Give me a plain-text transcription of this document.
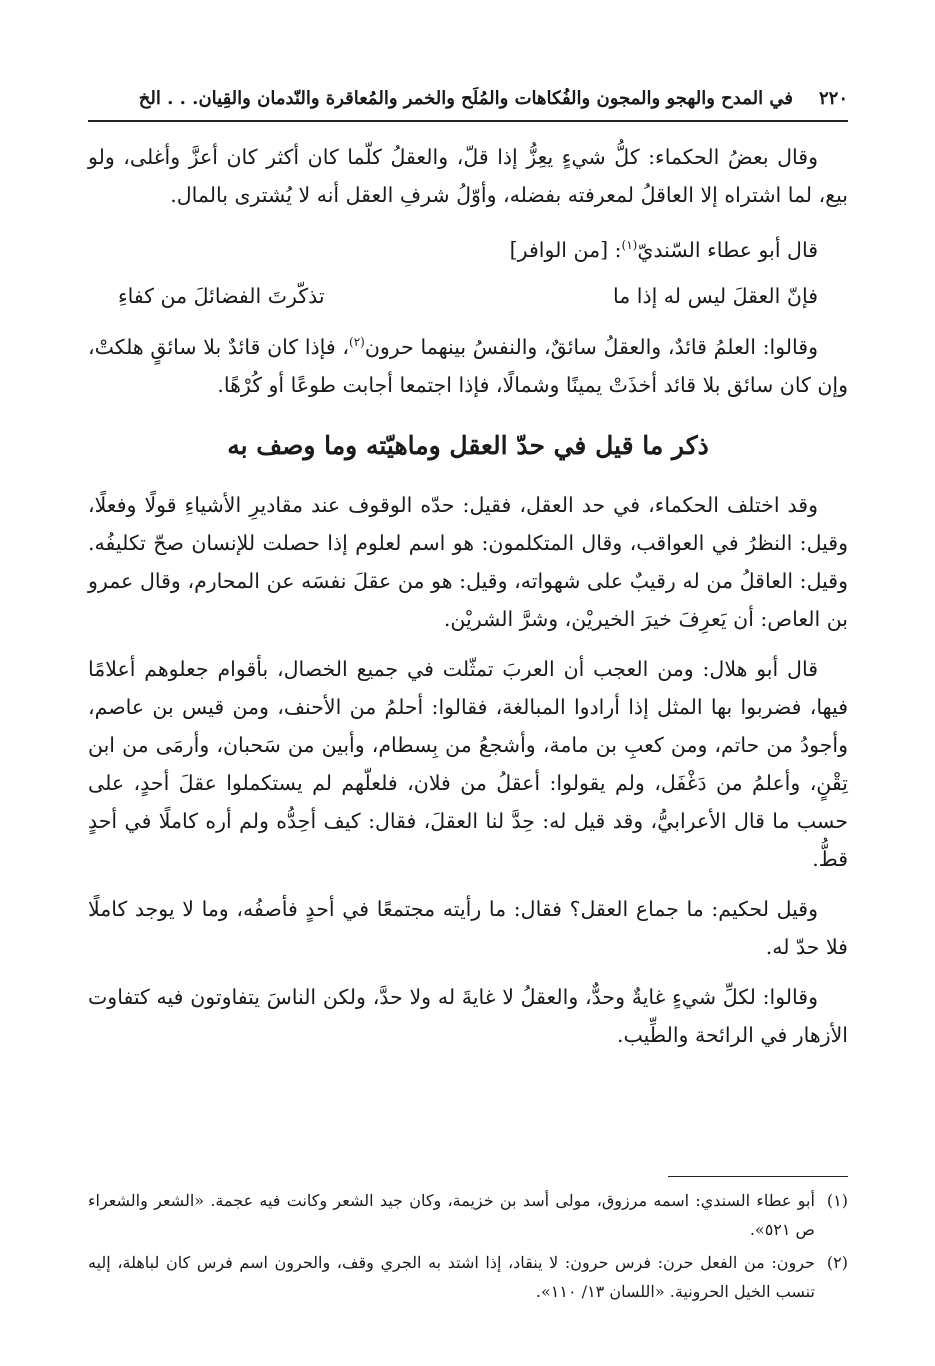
٢٢٠
في المدح والهجو والمجون والفُكاهات والمُلَح والخمر والمُعاقرة والنّدمان والقِيان. . . الخ

وقال بعضُ الحكماء: كلُّ شيءٍ يعِزُّ إذا قلّ، والعقلُ كلّما كان أكثر كان أعزَّ وأغلى، ولو بيع، لما اشتراه إلا العاقلُ لمعرفته بفضله، وأوّلُ شرفِ العقل أنه لا يُشترى بالمال.

قال أبو عطاء السّنديّ$^{(١)}$: [من الوافر]

فإنّ العقلَ ليس له إذا ما
تذكّرتَ الفضائلَ من كفاءِ

وقالوا: العلمُ قائدٌ، والعقلُ سائقٌ، والنفسُ بينهما حرون$^{(٢)}$، فإذا كان قائدٌ بلا سائقٍ هلكتْ، وإن كان سائق بلا قائد أخذَتْ يمينًا وشمالًا، فإذا اجتمعا أجابت طوعًا أو كُرْهًا.

ذكر ما قيل في حدّ العقل وماهيّته وما وصف به

وقد اختلف الحكماء، في حد العقل، فقيل: حدّه الوقوف عند مقاديرِ الأشياءِ قولًا وفعلًا، وقيل: النظرُ في العواقب، وقال المتكلمون: هو اسم لعلوم إذا حصلت للإنسان صحّ تكليفُه. وقيل: العاقلُ من له رقيبٌ على شهواته، وقيل: هو من عقلَ نفسَه عن المحارم، وقال عمرو بن العاص: أن يَعرِفَ خيرَ الخيريْن، وشرَّ الشريْن.

قال أبو هلال: ومن العجب أن العربَ تمثّلت في جميع الخصال، بأقوام جعلوهم أعلامًا فيها، فضربوا بها المثل إذا أرادوا المبالغة، فقالوا: أحلمُ من الأحنف، ومن قيس بن عاصم، وأجودُ من حاتم، ومن كعبِ بن مامة، وأشجعُ من بِسطام، وأبين من سَحبان، وأرمَى من ابن تِقْنٍ، وأعلمُ من دَغْفَل، ولم يقولوا: أعقلُ من فلان، فلعلّهم لم يستكملوا عقلَ أحدٍ، على حسب ما قال الأعرابيُّ، وقد قيل له: حِدَّ لنا العقلَ، فقال: كيف أحِدُّه ولم أره كاملًا في أحدٍ قطُّ.

وقيل لحكيم: ما جماع العقل؟ فقال: ما رأيته مجتمعًا في أحدٍ فأصفُه، وما لا يوجد كاملًا فلا حدّ له.

وقالوا: لكلِّ شيءٍ غايةٌ وحدٌّ، والعقلُ لا غايةَ له ولا حدَّ، ولكن الناسَ يتفاوتون فيه كتفاوت الأزهار في الرائحة والطِّيب.

(١)
أبو عطاء السندي: اسمه مرزوق، مولى أسد بن خزيمة، وكان جيد الشعر وكانت فيه عجمة. «الشعر والشعراء ص ٥٢١».
(٢)
حرون: من الفعل حرن: فرس حرون: لا ينقاد، إذا اشتد به الجري وقف، والحرون اسم فرس كان لباهلة، إليه تنسب الخيل الحرونية. «اللسان ١٣/ ١١٠».
